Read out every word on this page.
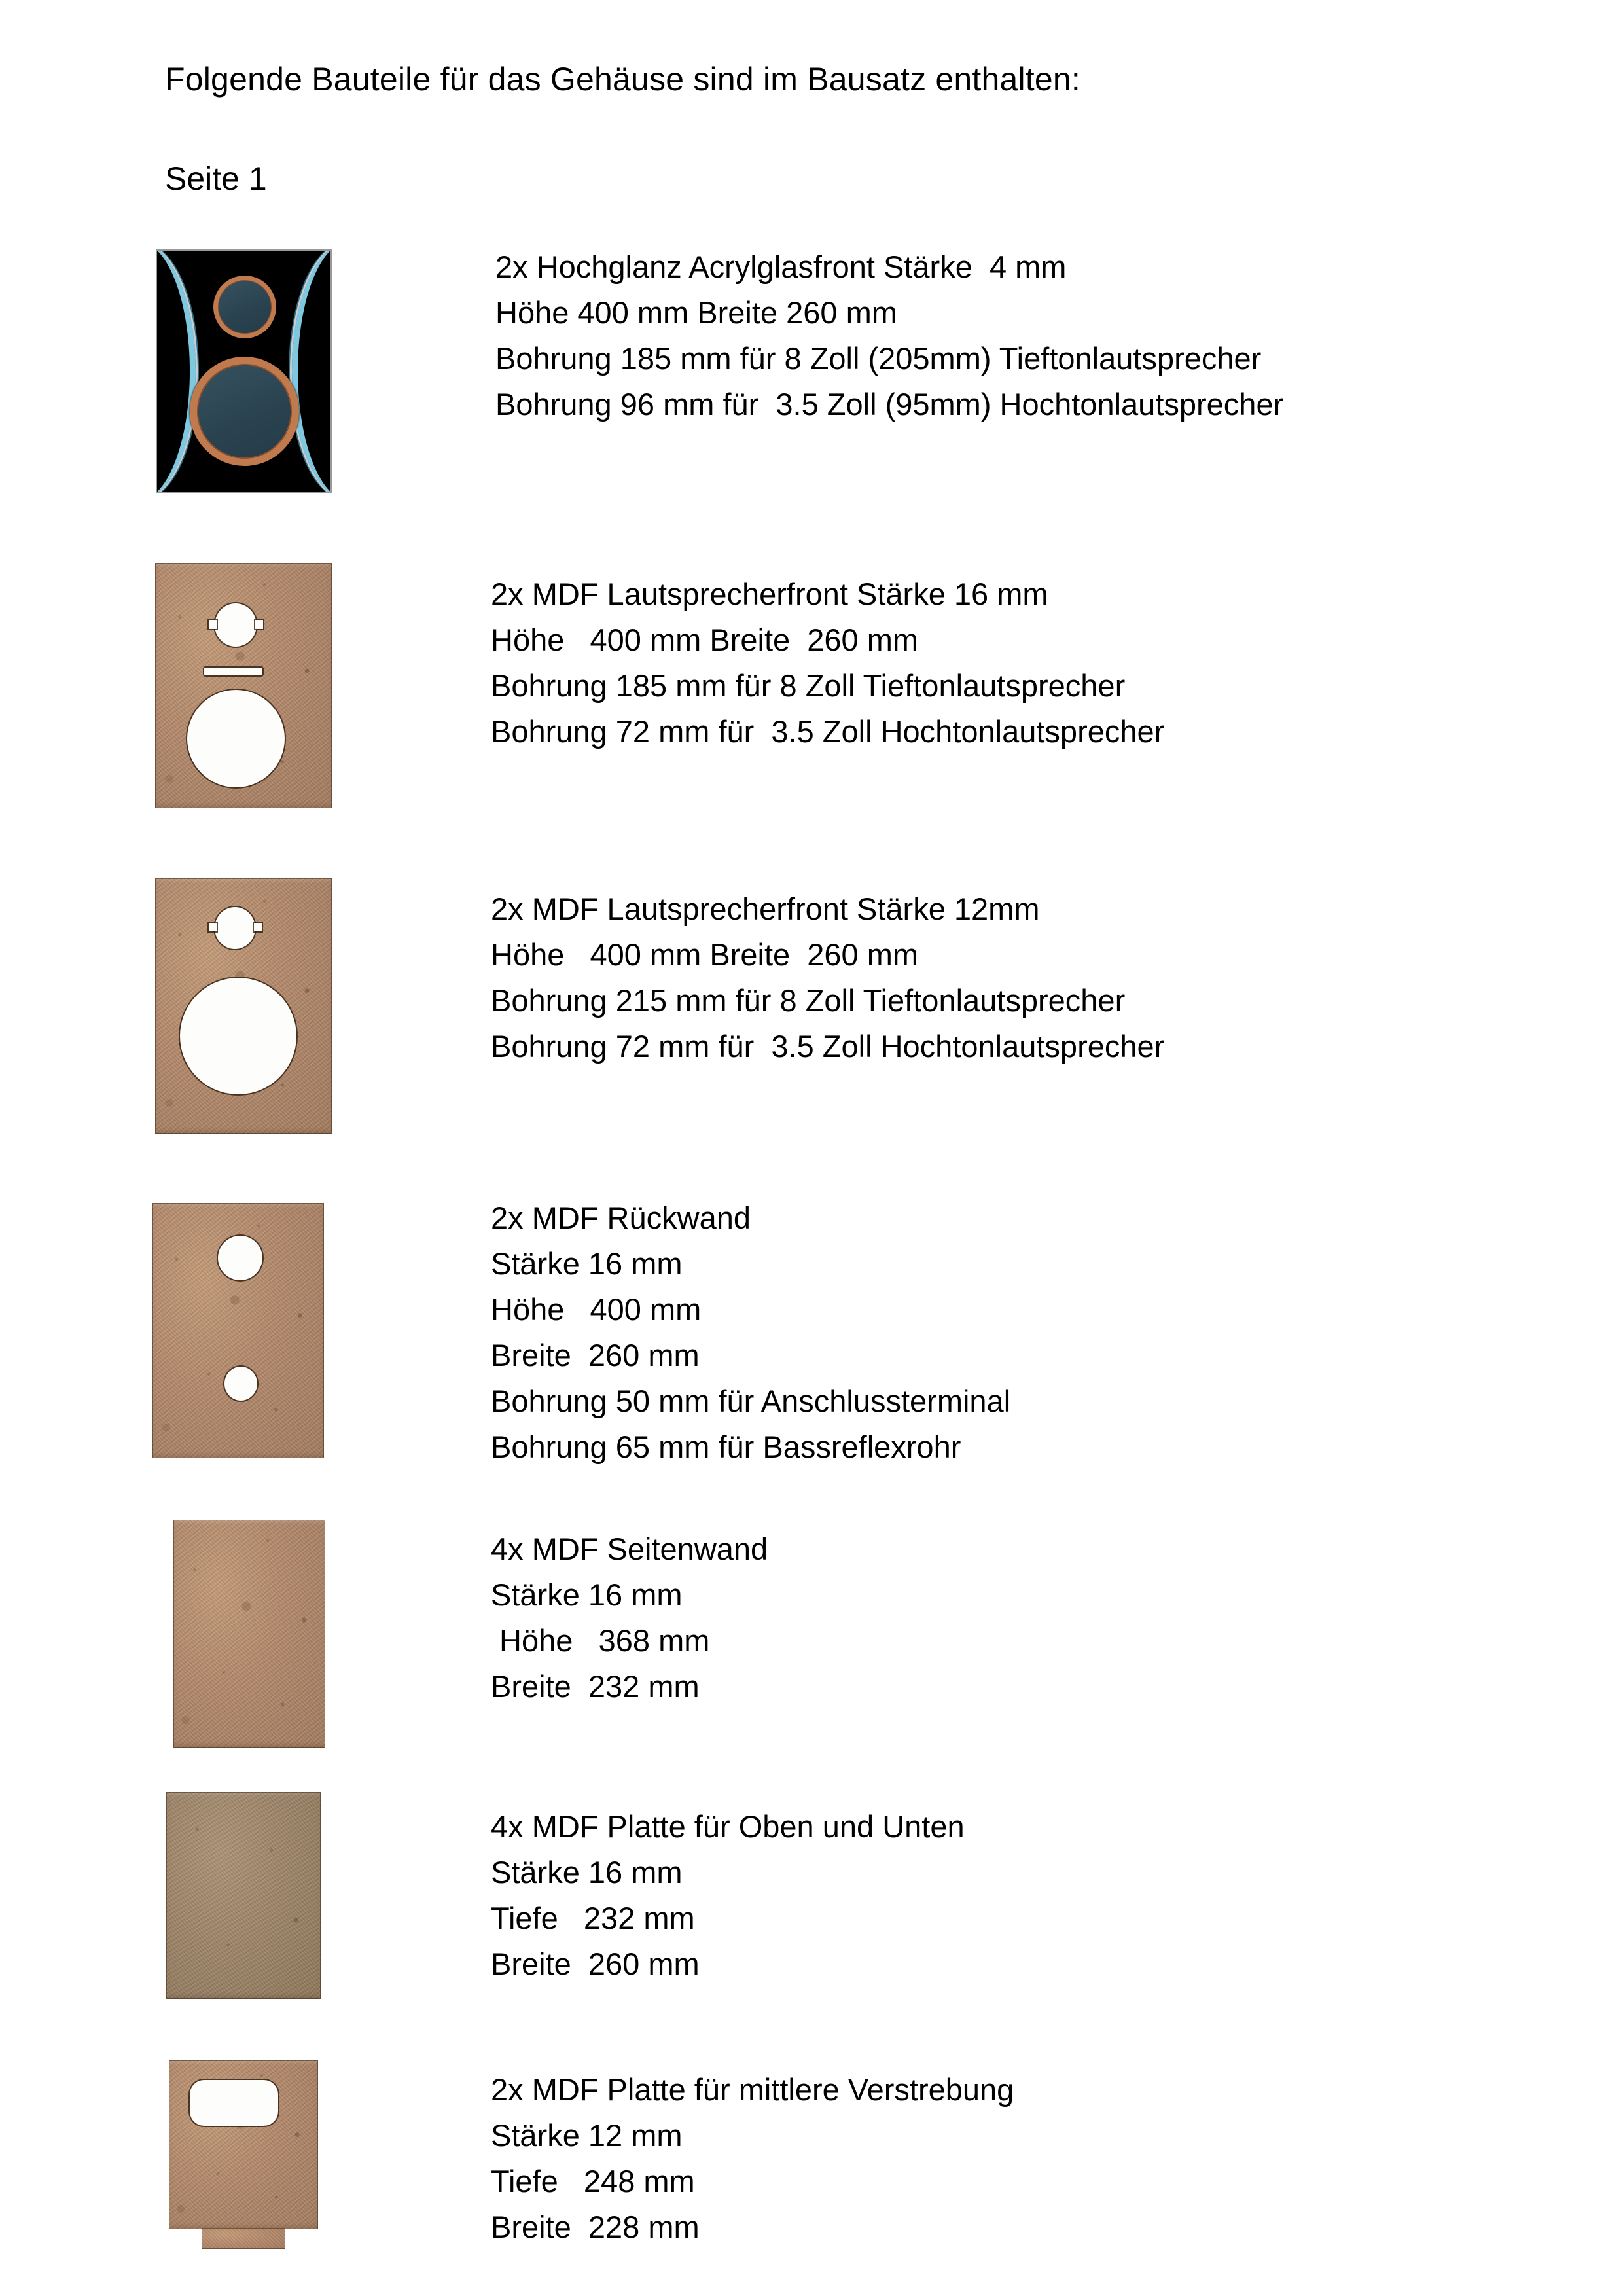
Folgende Bauteile für das Gehäuse sind im Bausatz enthalten:
Seite 1
2x Hochglanz Acrylglasfront Stärke  4 mm
Höhe 400 mm Breite 260 mm
Bohrung 185 mm für 8 Zoll (205mm) Tieftonlautsprecher
Bohrung 96 mm für  3.5 Zoll (95mm) Hochtonlautsprecher
2x MDF Lautsprecherfront Stärke 16 mm
Höhe   400 mm Breite  260 mm
Bohrung 185 mm für 8 Zoll Tieftonlautsprecher
Bohrung 72 mm für  3.5 Zoll Hochtonlautsprecher
2x MDF Lautsprecherfront Stärke 12mm
Höhe   400 mm Breite  260 mm
Bohrung 215 mm für 8 Zoll Tieftonlautsprecher
Bohrung 72 mm für  3.5 Zoll Hochtonlautsprecher
2x MDF Rückwand
Stärke 16 mm
Höhe   400 mm
Breite  260 mm
Bohrung 50 mm für Anschlussterminal
Bohrung 65 mm für Bassreflexrohr
4x MDF Seitenwand
Stärke 16 mm
Höhe   368 mm
Breite  232 mm
4x MDF Platte für Oben und Unten
Stärke 16 mm
Tiefe   232 mm
Breite  260 mm
2x MDF Platte für mittlere Verstrebung
Stärke 12 mm
Tiefe   248 mm
Breite  228 mm
